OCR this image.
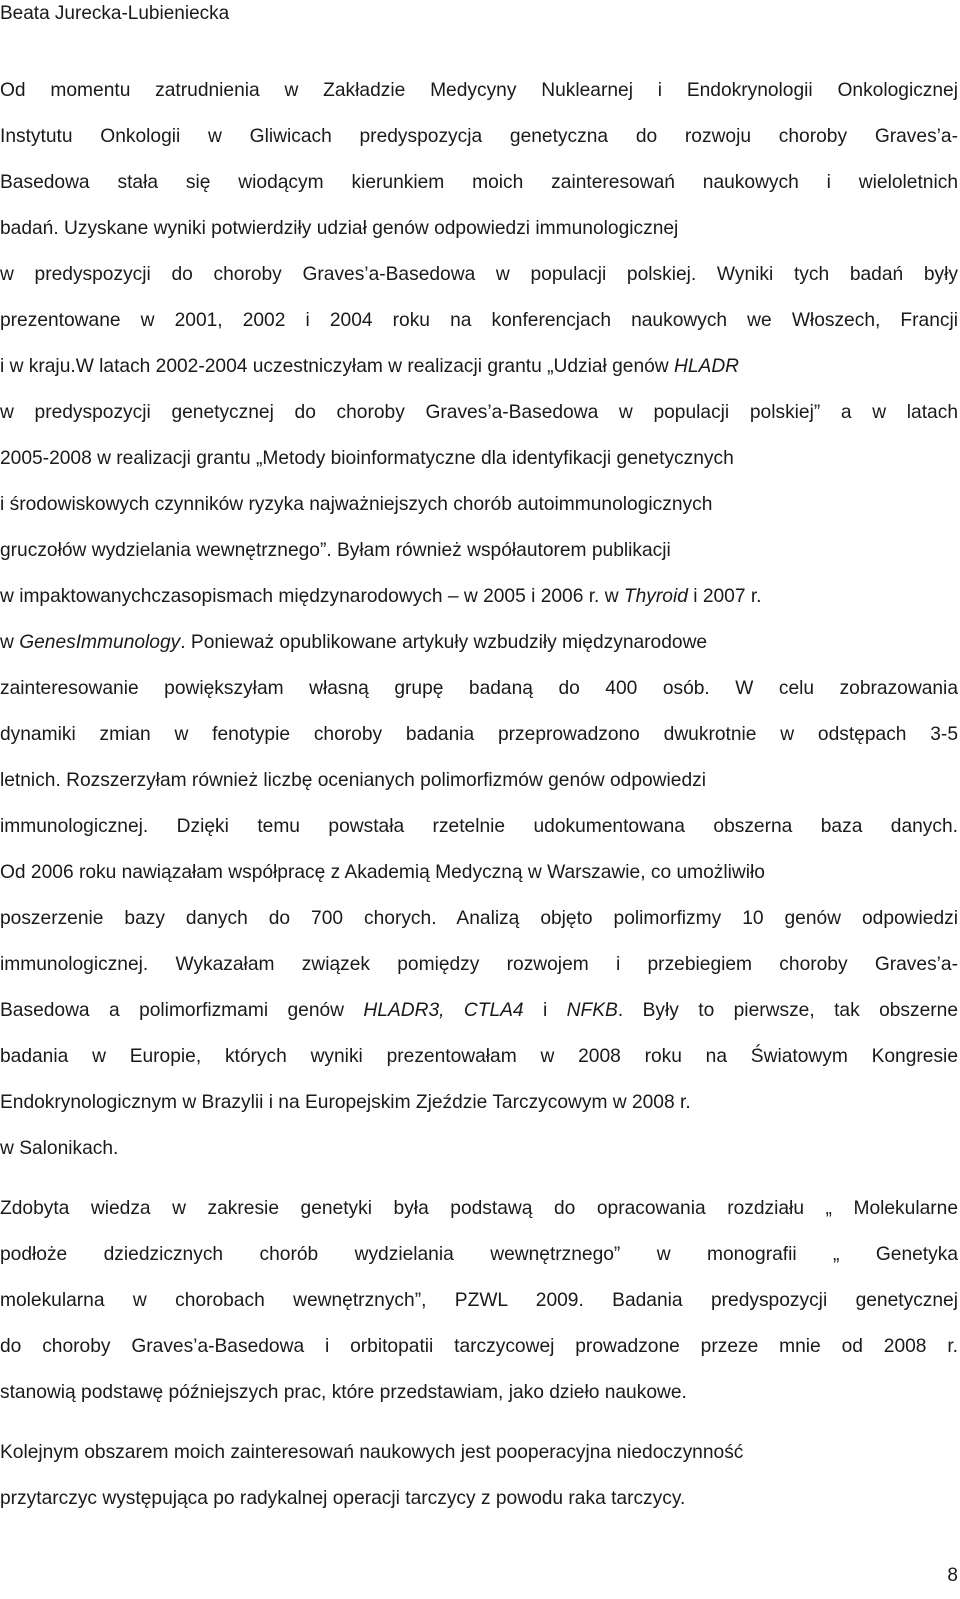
Beata Jurecka-Lubieniecka
Od momentu zatrudnienia w Zakładzie Medycyny Nuklearnej i Endokrynologii Onkologicznej
Instytutu Onkologii w Gliwicach predyspozycja genetyczna do rozwoju choroby Graves’a-
Basedowa stała się wiodącym kierunkiem moich zainteresowań naukowych i wieloletnich
badań. Uzyskane wyniki potwierdziły udział genów odpowiedzi immunologicznej
w predyspozycji do choroby Graves’a-Basedowa w populacji polskiej. Wyniki tych badań były
prezentowane w 2001, 2002 i 2004 roku na konferencjach naukowych we Włoszech, Francji
i w kraju.W latach 2002-2004 uczestniczyłam w realizacji grantu „Udział genów HLADR
w predyspozycji genetycznej do choroby Graves’a-Basedowa w populacji polskiej” a w latach
2005-2008 w realizacji grantu „Metody bioinformatyczne dla identyfikacji genetycznych
i środowiskowych czynników ryzyka najważniejszych chorób autoimmunologicznych
gruczołów wydzielania wewnętrznego”. Byłam również współautorem publikacji
w impaktowanychczasopismach międzynarodowych – w 2005 i 2006 r. w Thyroid i 2007 r.
w GenesImmunology. Ponieważ opublikowane artykuły wzbudziły międzynarodowe
zainteresowanie powiększyłam własną grupę badaną do 400 osób. W celu zobrazowania
dynamiki zmian w fenotypie choroby badania przeprowadzono dwukrotnie w odstępach 3-5
letnich. Rozszerzyłam również liczbę ocenianych polimorfizmów genów odpowiedzi
immunologicznej. Dzięki temu powstała rzetelnie udokumentowana obszerna baza danych.
Od 2006 roku nawiązałam współpracę z Akademią Medyczną w Warszawie, co umożliwiło
poszerzenie bazy danych do 700 chorych. Analizą objęto polimorfizmy 10 genów odpowiedzi
immunologicznej. Wykazałam związek pomiędzy rozwojem i przebiegiem choroby Graves’a-
Basedowa a polimorfizmami genów HLADR3, CTLA4 i NFKB. Były to pierwsze, tak obszerne
badania w Europie, których wyniki prezentowałam w 2008 roku na Światowym Kongresie
Endokrynologicznym w Brazylii i na Europejskim Zjeździe Tarczycowym w 2008 r.
w Salonikach.
Zdobyta wiedza w zakresie genetyki była podstawą do opracowania rozdziału „ Molekularne
podłoże dziedzicznych chorób wydzielania wewnętrznego” w monografii „ Genetyka
molekularna w chorobach wewnętrznych”, PZWL 2009. Badania predyspozycji genetycznej
do choroby Graves’a-Basedowa i orbitopatii tarczycowej prowadzone przeze mnie od 2008 r.
stanowią podstawę późniejszych prac, które przedstawiam, jako dzieło naukowe.
Kolejnym obszarem moich zainteresowań naukowych jest pooperacyjna niedoczynność
przytarczyc występująca po radykalnej operacji tarczycy z powodu raka tarczycy.
8
